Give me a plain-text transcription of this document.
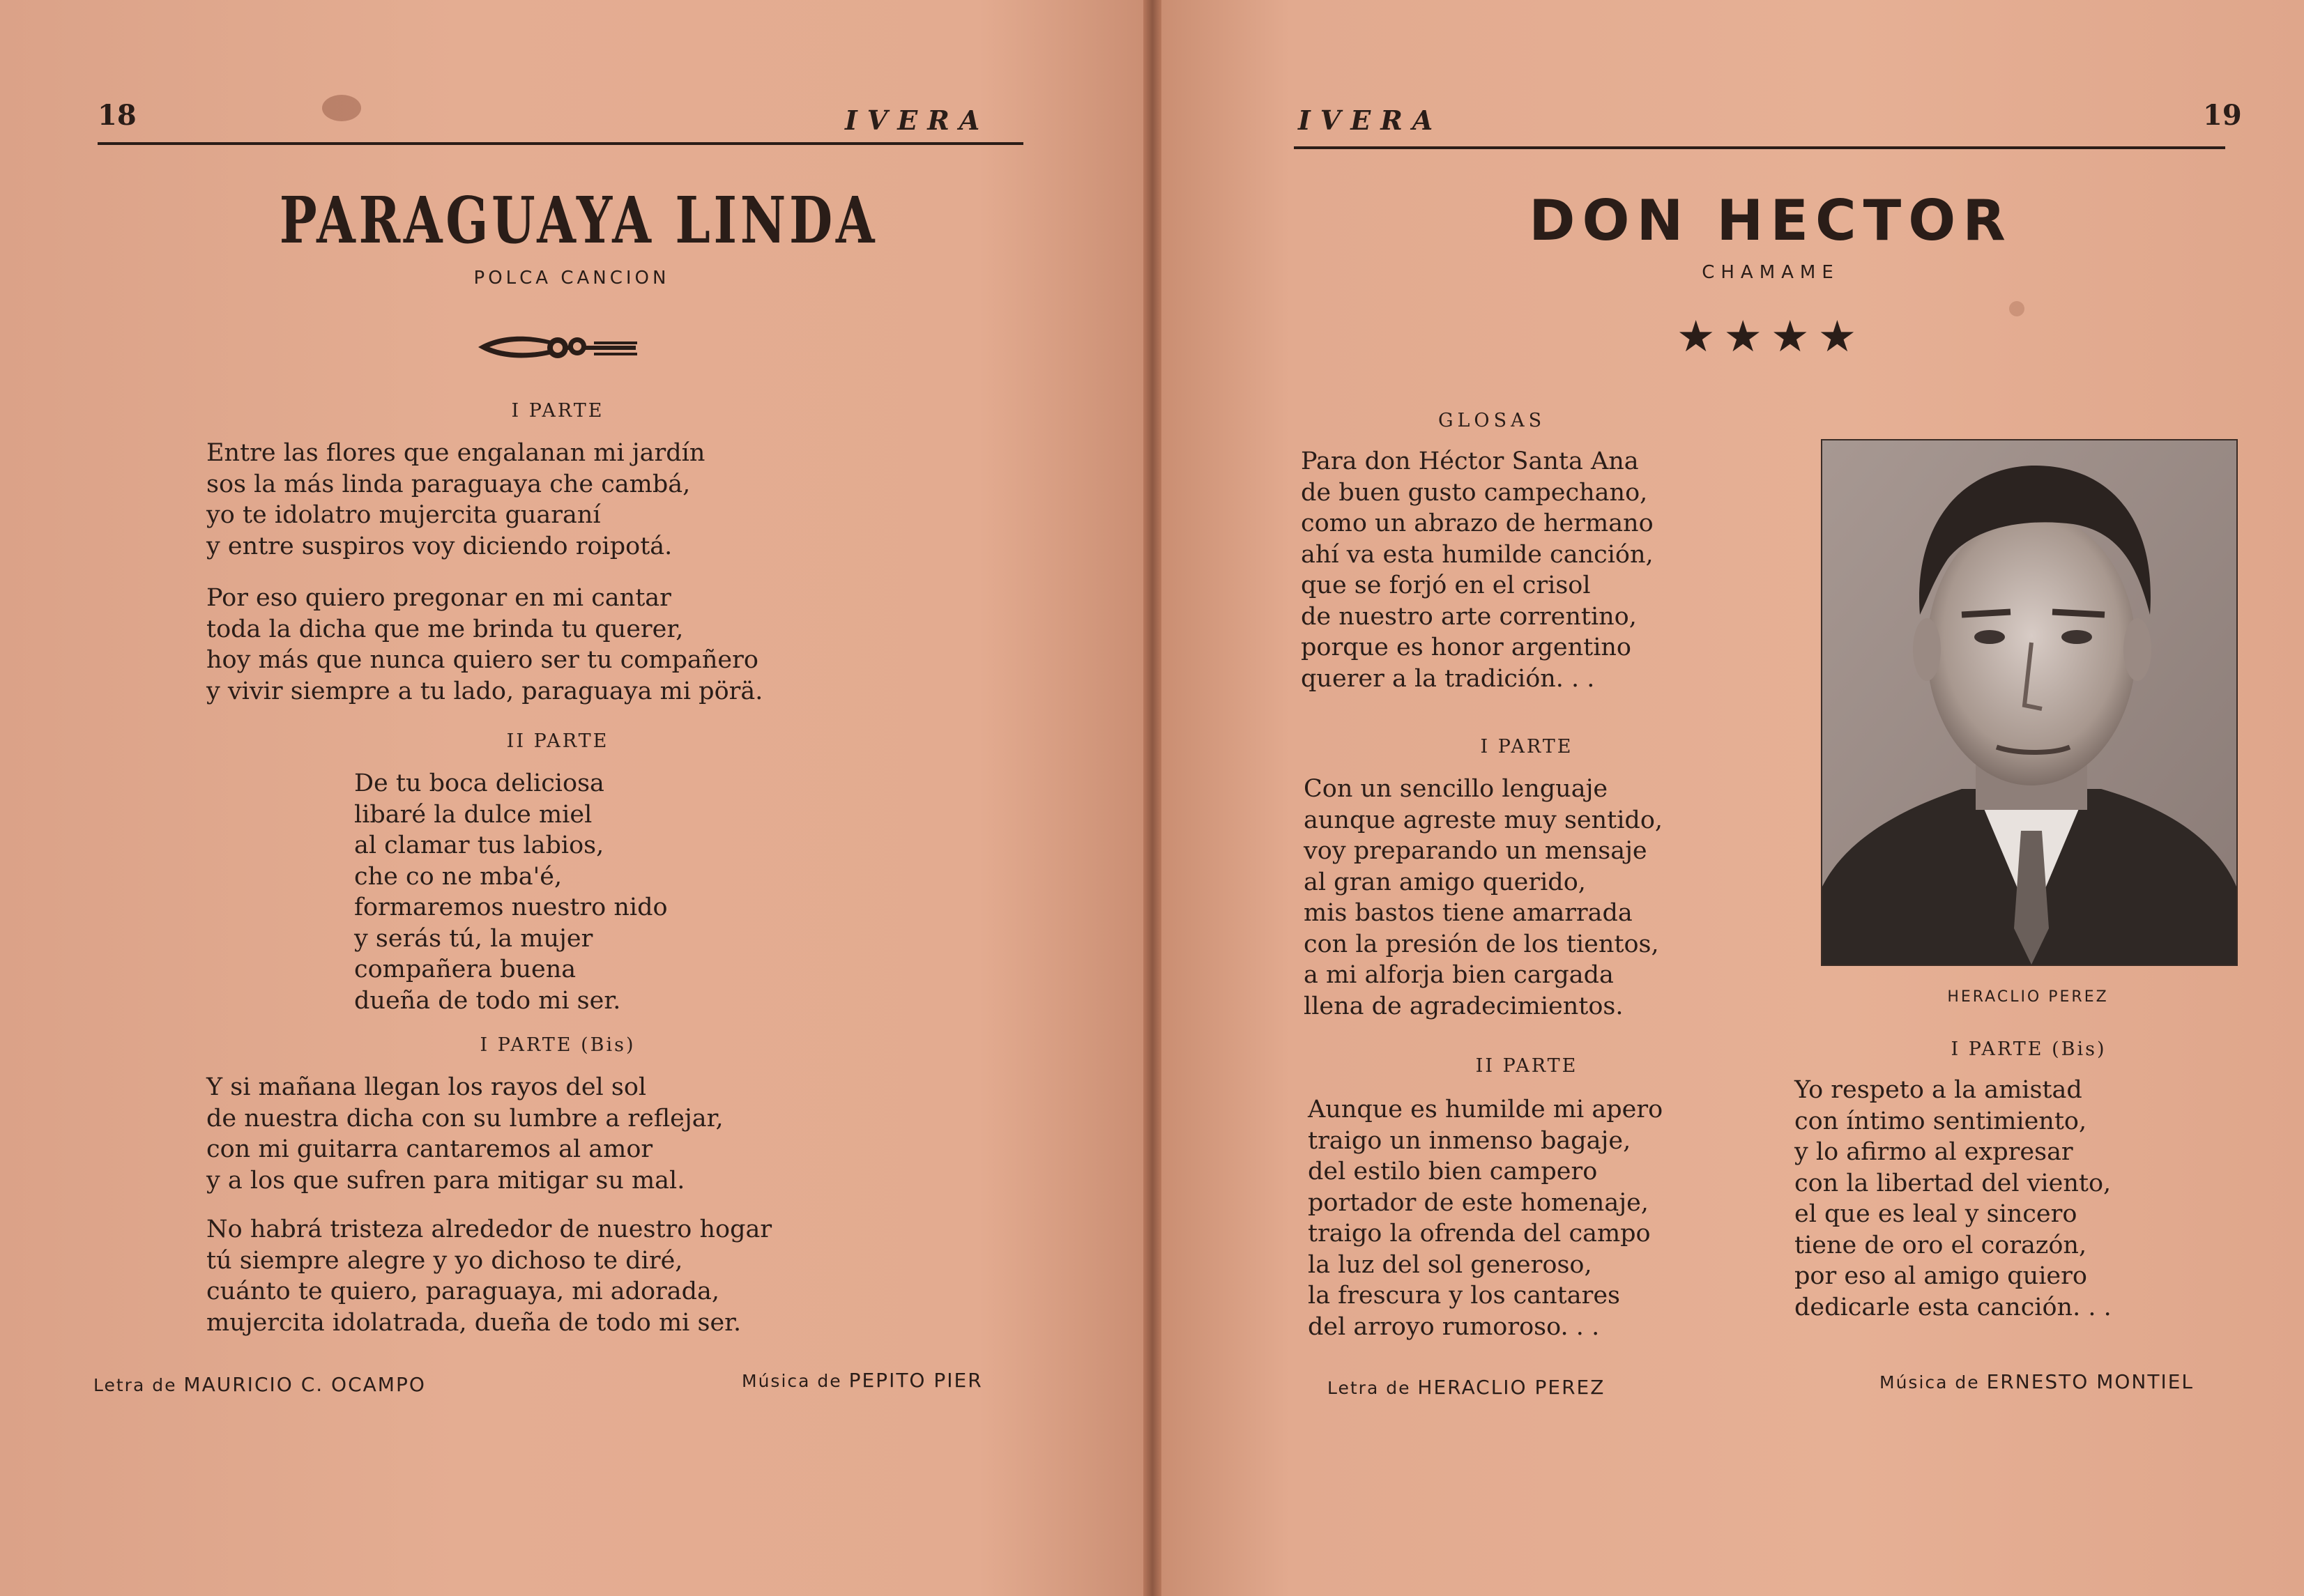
18	IVERA
PARAGUAYA LINDA
POLCA CANCION
I PARTE
Entre las flores que engalanan mi jardín
sos la más linda paraguaya che cambá,
yo te idolatro mujercita guaraní
y entre suspiros voy diciendo roipotá.
Por eso quiero pregonar en mi cantar
toda la dicha que me brinda tu querer,
hoy más que nunca quiero ser tu compañero
y vivir siempre a tu lado, paraguaya mi pörä.
II PARTE
De tu boca deliciosa
libaré la dulce miel
al clamar tus labios,
che co ne mba'é,
formaremos nuestro nido
y serás tú, la mujer
compañera buena
dueña de todo mi ser.
I PARTE (Bis)
Y si mañana llegan los rayos del sol
de nuestra dicha con su lumbre a reflejar,
con mi guitarra cantaremos al amor
y a los que sufren para mitigar su mal.
No habrá tristeza alrededor de nuestro hogar
tú siempre alegre y yo dichoso te diré,
cuánto te quiero, paraguaya, mi adorada,
mujercita idolatrada, dueña de todo mi ser.
Letra de MAURICIO C. OCAMPO	Música de PEPITO PIER
IVERA	19
DON HECTOR
CHAMAME
★★★★
GLOSAS
Para don Héctor Santa Ana
de buen gusto campechano,
como un abrazo de hermano
ahí va esta humilde canción,
que se forjó en el crisol
de nuestro arte correntino,
porque es honor argentino
querer a la tradición. . .
I PARTE
Con un sencillo lenguaje
aunque agreste muy sentido,
voy preparando un mensaje
al gran amigo querido,
mis bastos tiene amarrada
con la presión de los tientos,
a mi alforja bien cargada
llena de agradecimientos.
II PARTE
Aunque es humilde mi apero
traigo un inmenso bagaje,
del estilo bien campero
portador de este homenaje,
traigo la ofrenda del campo
la luz del sol generoso,
la frescura y los cantares
del arroyo rumoroso. . .
HERACLIO PEREZ
I PARTE (Bis)
Yo respeto a la amistad
con íntimo sentimiento,
y lo afirmo al expresar
con la libertad del viento,
el que es leal y sincero
tiene de oro el corazón,
por eso al amigo quiero
dedicarle esta canción. . .
Letra de HERACLIO PEREZ	Música de ERNESTO MONTIEL
